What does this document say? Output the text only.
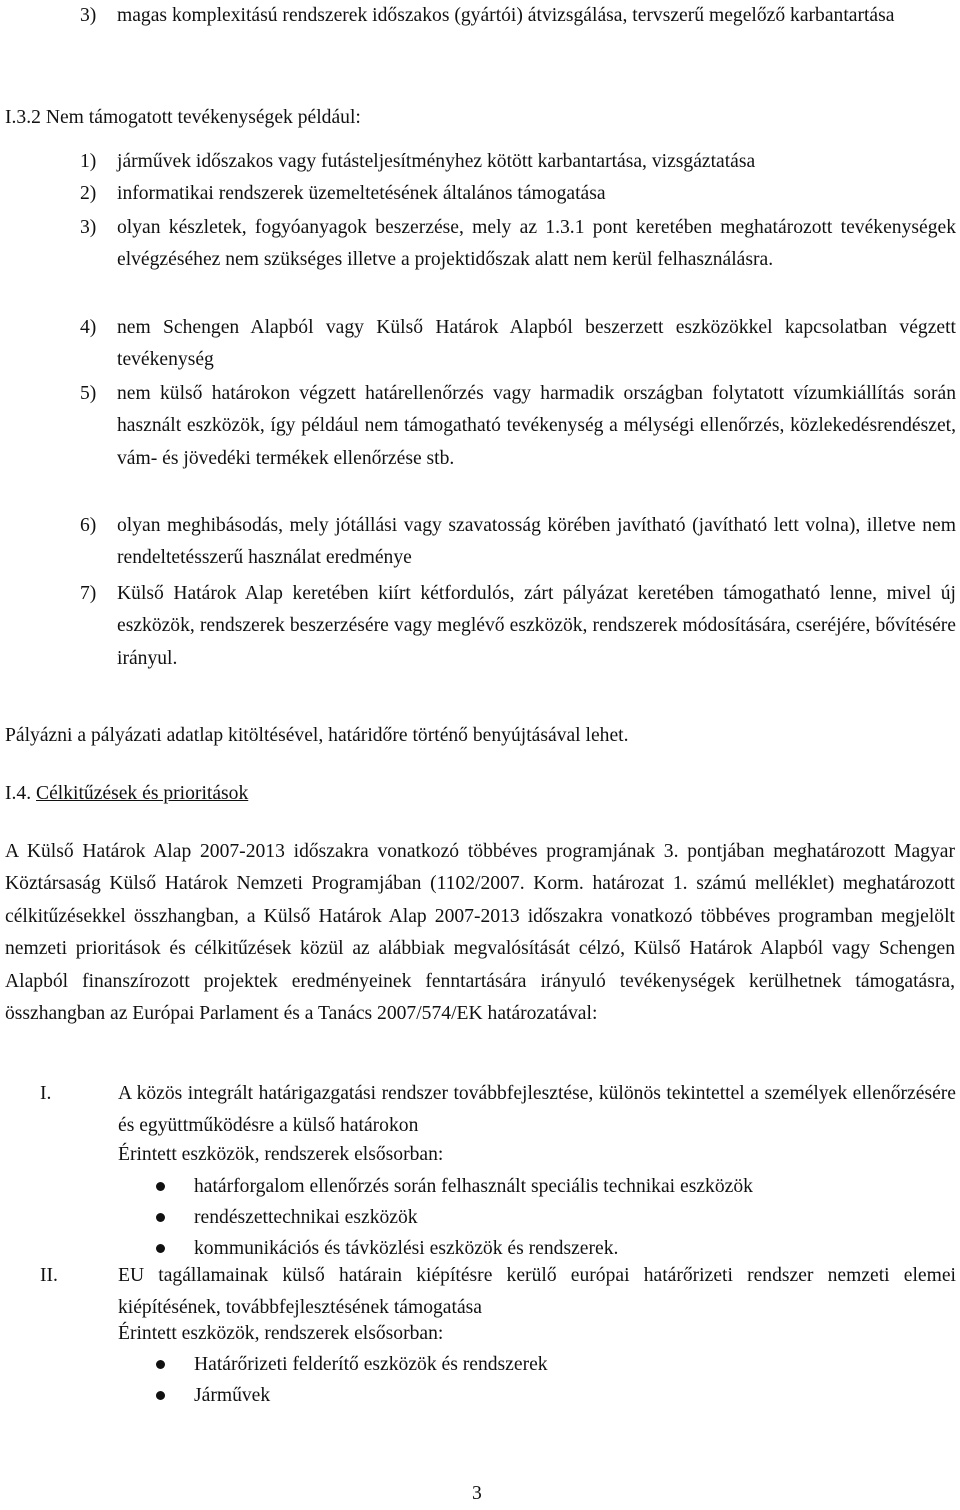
3) magas komplexitású rendszerek időszakos (gyártói) átvizsgálása, tervszerű megelőző karbantartása
I.3.2 Nem támogatott tevékenységek például:
1) járművek időszakos vagy futásteljesítményhez kötött karbantartása, vizsgáztatása
2) informatikai rendszerek üzemeltetésének általános támogatása
3) olyan készletek, fogyóanyagok beszerzése, mely az 1.3.1 pont keretében meghatározott tevékenységek elvégzéséhez nem szükséges illetve a projektidőszak alatt nem kerül felhasználásra.
4) nem Schengen Alapból vagy Külső Határok Alapból beszerzett eszközökkel kapcsolatban végzett tevékenység
5) nem külső határokon végzett határellenőrzés vagy harmadik országban folytatott vízumkiállítás során használt eszközök, így például nem támogatható tevékenység a mélységi ellenőrzés, közlekedésrendészet, vám- és jövedéki termékek ellenőrzése stb.
6) olyan meghibásodás, mely jótállási vagy szavatosság körében javítható (javítható lett volna), illetve nem rendeltetésszerű használat eredménye
7) Külső Határok Alap keretében kiírt kétfordulós, zárt pályázat keretében támogatható lenne, mivel új eszközök, rendszerek beszerzésére vagy meglévő eszközök, rendszerek módosítására, cseréjére, bővítésére irányul.
Pályázni a pályázati adatlap kitöltésével, határidőre történő benyújtásával lehet.
I.4. Célkitűzések és prioritások
A Külső Határok Alap 2007-2013 időszakra vonatkozó többéves programjának 3. pontjában meghatározott Magyar Köztársaság Külső Határok Nemzeti Programjában (1102/2007. Korm. határozat 1. számú melléklet) meghatározott célkitűzésekkel összhangban, a Külső Határok Alap 2007-2013 időszakra vonatkozó többéves programban megjelölt nemzeti prioritások és célkitűzések közül az alábbiak megvalósítását célzó, Külső Határok Alapból vagy Schengen Alapból finanszírozott projektek eredményeinek fenntartására irányuló tevékenységek kerülhetnek támogatásra, összhangban az Európai Parlament és a Tanács 2007/574/EK határozatával:
I.	A közös integrált határigazgatási rendszer továbbfejlesztése, különös tekintettel a személyek ellenőrzésére és együttműködésre a külső határokon
Érintett eszközök, rendszerek elsősorban:
határforgalom ellenőrzés során felhasznált speciális technikai eszközök
rendészettechnikai eszközök
kommunikációs és távközlési eszközök és rendszerek.
II.	EU tagállamainak külső határain kiépítésre kerülő európai határőrizeti rendszer nemzeti elemei kiépítésének, továbbfejlesztésének támogatása
Érintett eszközök, rendszerek elsősorban:
Határőrizeti felderítő eszközök és rendszerek
Járművek
3
